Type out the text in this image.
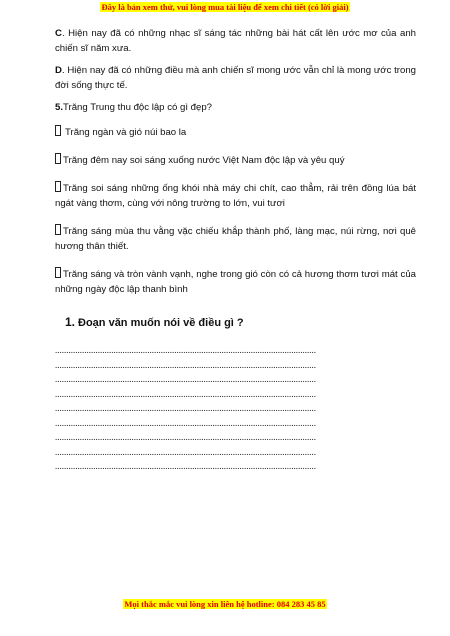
Đây là bản xem thử, vui lòng mua tài liệu để xem chi tiết (có lời giải)

C. Hiện nay đã có những nhạc sĩ sáng tác những bài hát cất lên ước mơ của anh chiến sĩ năm xưa.

D. Hiện nay đã có những điều mà anh chiến sĩ mong ước vẫn chỉ là mong ước trong đời sống thực tế.

5.Trăng Trung thu độc lập có gì đẹp?

Trăng ngàn và gió núi bao la

Trăng đêm nay soi sáng xuống nước Việt Nam độc lập và yêu quý

Trăng soi sáng những ống khói nhà máy chi chít, cao thẳm, rải trên đồng lúa bát ngát vàng thơm, cùng với nông trường to lớn, vui tươi

Trăng sáng mùa thu vằng vặc chiếu khắp thành phố, làng mạc, núi rừng, nơi quê hương thân thiết.

Trăng sáng và tròn vành vạnh, nghe trong gió còn có cả hương thơm tươi mát của những ngày độc lập thanh bình

1. Đoạn văn muốn nói về điều gì ?
....................................................................................................................
....................................................................................................................
....................................................................................................................
....................................................................................................................
....................................................................................................................
....................................................................................................................
....................................................................................................................
....................................................................................................................
....................................................................................................................
Mọi thắc mắc vui lòng xin liên hệ hotline: 084 283 45 85
